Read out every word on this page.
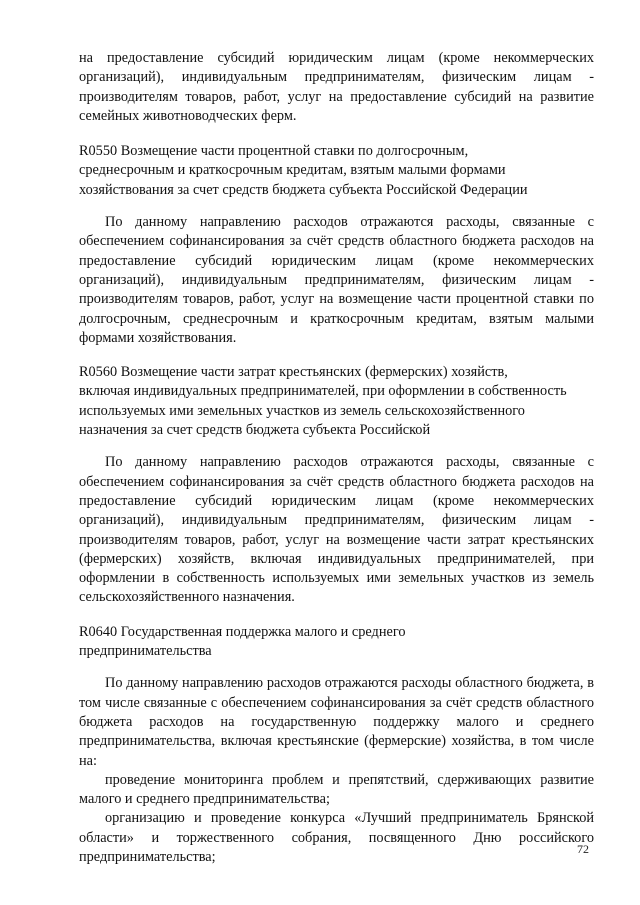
на предоставление субсидий юридическим лицам (кроме некоммерческих организаций), индивидуальным предпринимателям, физическим лицам - производителям товаров, работ, услуг на предоставление субсидий на развитие семейных животноводческих ферм.

R0550 Возмещение части процентной ставки по долгосрочным,
среднесрочным и краткосрочным кредитам, взятым малыми формами
хозяйствования за счет средств бюджета субъекта Российской Федерации

По данному направлению расходов отражаются расходы, связанные с обеспечением софинансирования за счёт средств областного бюджета расходов на предоставление субсидий юридическим лицам (кроме некоммерческих организаций), индивидуальным предпринимателям, физическим лицам - производителям товаров, работ, услуг на возмещение части процентной ставки по долгосрочным, среднесрочным и краткосрочным кредитам, взятым малыми формами хозяйствования.

R0560 Возмещение части затрат крестьянских (фермерских) хозяйств,
включая индивидуальных предпринимателей, при оформлении в собственность
используемых ими земельных участков из земель сельскохозяйственного
назначения за счет средств бюджета субъекта Российской

По данному направлению расходов отражаются расходы, связанные с обеспечением софинансирования за счёт средств областного бюджета расходов на предоставление субсидий юридическим лицам (кроме некоммерческих организаций), индивидуальным предпринимателям, физическим лицам - производителям товаров, работ, услуг на возмещение части затрат крестьянских (фермерских) хозяйств, включая индивидуальных предпринимателей, при оформлении в собственность используемых ими земельных участков из земель сельскохозяйственного назначения.

R0640 Государственная поддержка малого и среднего
предпринимательства

По данному направлению расходов отражаются расходы областного бюджета, в том числе связанные с обеспечением софинансирования за счёт средств областного бюджета расходов на государственную поддержку малого и среднего предпринимательства, включая крестьянские (фермерские) хозяйства, в том числе на:

проведение мониторинга проблем и препятствий, сдерживающих развитие малого и среднего предпринимательства;

организацию и проведение конкурса «Лучший предприниматель Брянской области» и торжественного собрания, посвященного Дню российского предпринимательства;	72
